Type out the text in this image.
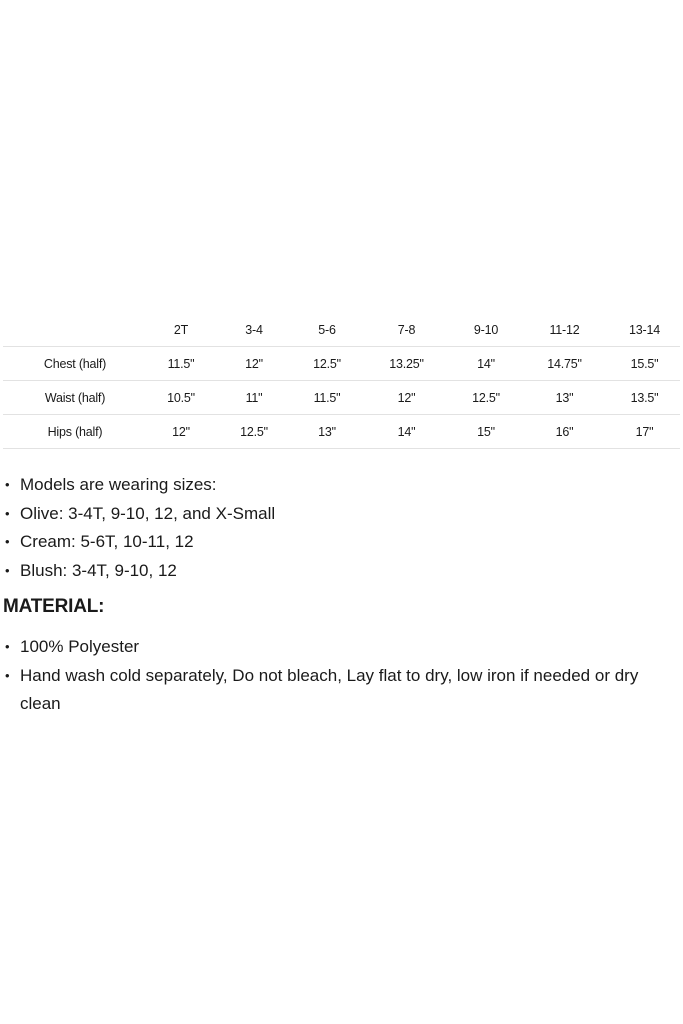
	2T	3-4	5-6	7-8	9-10	11-12	13-14
Chest (half)	11.5"	12"	12.5"	13.25"	14"	14.75"	15.5"
Waist (half)	10.5"	11"	11.5"	12"	12.5"	13"	13.5"
Hips (half)	12"	12.5"	13"	14"	15"	16"	17"
• Models are wearing sizes:
• Olive: 3-4T, 9-10, 12, and X-Small
• Cream: 5-6T, 10-11, 12
• Blush: 3-4T, 9-10, 12
MATERIAL:
• 100% Polyester
• Hand wash cold separately, Do not bleach, Lay flat to dry, low iron if needed or dry clean
